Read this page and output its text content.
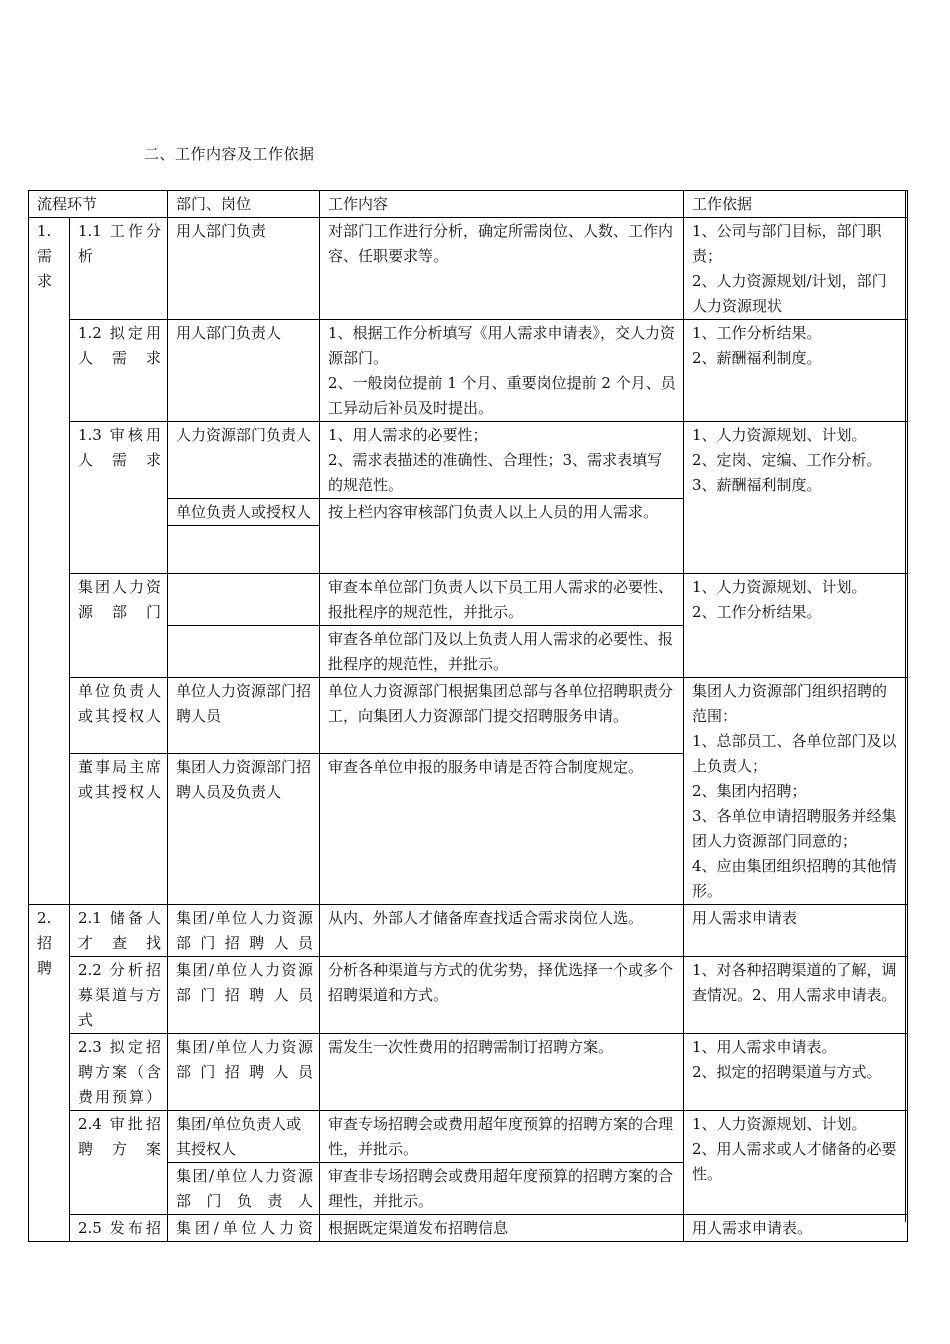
二、工作内容及工作依据
流程环节		部门、岗位	工作内容	工作依据

1.
需求	1.1 工作分析	用人部门负责	对部门工作进行分析，确定所需岗位、人数、工作内容、任职要求等。	1、公司与部门目标，部门职责；
2、人力资源规划/计划，部门人力资源现状

	1.2 拟定用人需求	用人部门负责人	1、根据工作分析填写《用人需求申请表》，交人力资源部门。
2、一般岗位提前 1 个月、重要岗位提前 2 个月、员工异动后补员及时提出。	1、工作分析结果。
2、薪酬福利制度。

	1.3 审核用人需求	人力资源部门负责人	1、用人需求的必要性；
2、需求表描述的准确性、合理性；3、需求表填写的规范性。	1、人力资源规划、计划。
2、定岗、定编、工作分析。
3、薪酬福利制度。

		单位负责人或授权人	按上栏内容审核部门负责人以上人员的用人需求。	
	集团人力资源部门		审查本单位部门负责人以下员工用人需求的必要性、报批程序的规范性，并批示。	1、人力资源规划、计划。
2、工作分析结果。

			审查各单位部门及以上负责人用人需求的必要性、报批程序的规范性，并批示。	
	单位负责人或其授权人	单位人力资源部门招聘人员	单位人力资源部门根据集团总部与各单位招聘职责分工，向集团人力资源部门提交招聘服务申请。	集团人力资源部门组织招聘的范围：
1、总部员工、各单位部门及以上负责人；
2、集团内招聘；
3、各单位申请招聘服务并经集团人力资源部门同意的；
4、应由集团组织招聘的其他情形。

	董事局主席或其授权人	集团人力资源部门招聘人员及负责人	审查各单位申报的服务申请是否符合制度规定。	

2.
招聘	2.1 储备人才查找	集团/单位人力资源部门招聘人员	从内、外部人才储备库查找适合需求岗位人选。	用人需求申请表
	2.2 分析招募渠道与方式	集团/单位人力资源部门招聘人员	分析各种渠道与方式的优劣势，择优选择一个或多个招聘渠道和方式。	1、对各种招聘渠道的了解，调查情况。2、用人需求申请表。
	2.3 拟定招聘方案（含费用预算）	集团/单位人力资源部门招聘人员	需发生一次性费用的招聘需制订招聘方案。	1、用人需求申请表。
2、拟定的招聘渠道与方式。

	2.4 审批招聘方案	集团/单位负责人或其授权人	审查专场招聘会或费用超年度预算的招聘方案的合理性，并批示。	1、人力资源规划、计划。
2、用人需求或人才储备的必要性。

		集团/单位人力资源部门负责人	审查非专场招聘会或费用超年度预算的招聘方案的合理性，并批示。	
	2.5 发布招	集团/单位人力资	根据既定渠道发布招聘信息	用人需求申请表。
